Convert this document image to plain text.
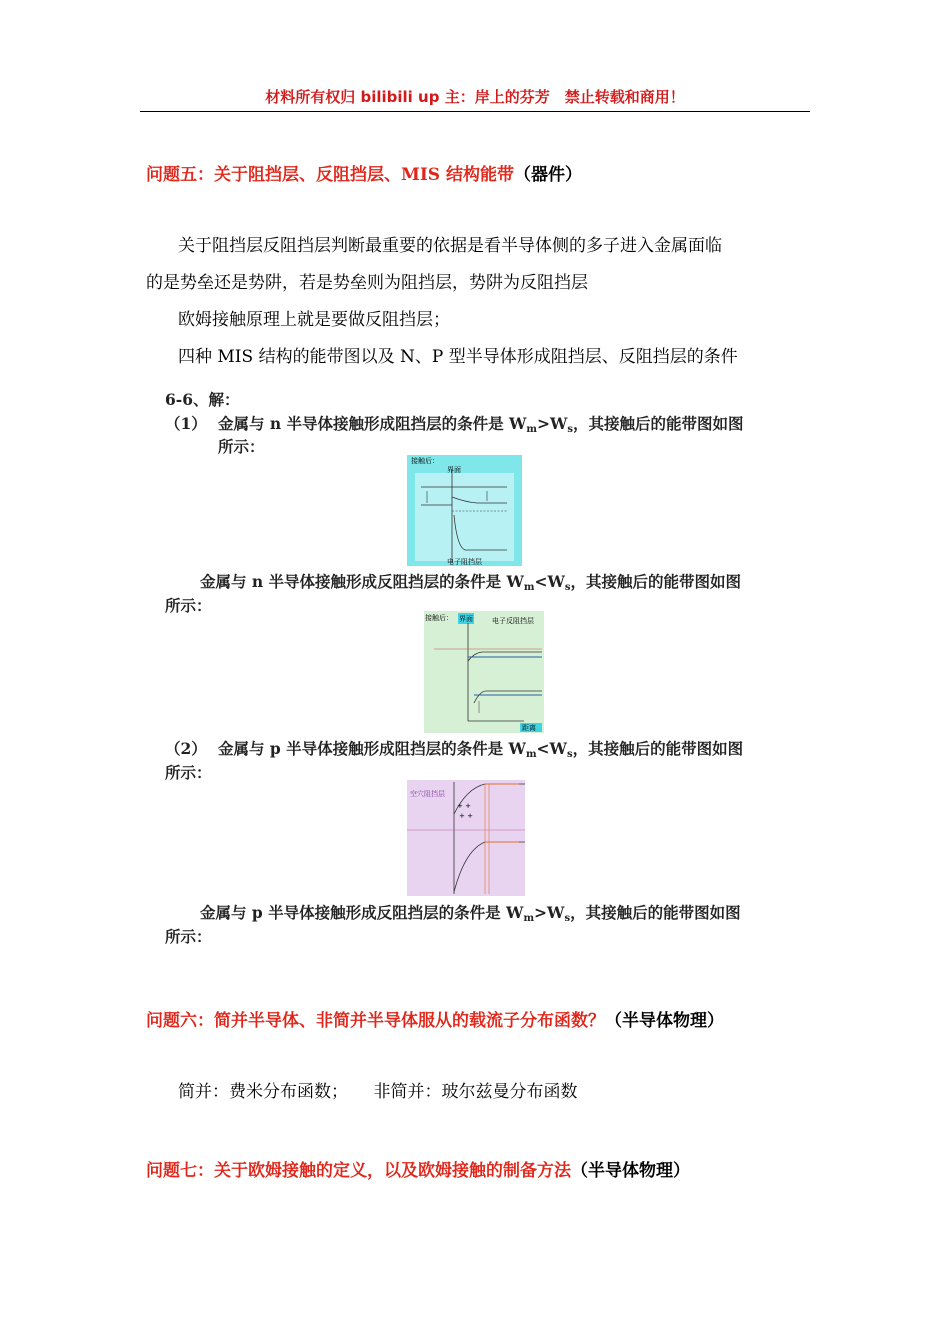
材料所有权归 bilibili up 主：岸上的芬芳　禁止转载和商用！
问题五：关于阻挡层、反阻挡层、MIS 结构能带（器件）
关于阻挡层反阻挡层判断最重要的依据是看半导体侧的多子进入金属面临
的是势垒还是势阱，若是势垒则为阻挡层，势阱为反阻挡层
欧姆接触原理上就是要做反阻挡层；
四种 MIS 结构的能带图以及 N、P 型半导体形成阻挡层、反阻挡层的条件
6-6、解：
（1） 金属与 n 半导体接触形成阻挡层的条件是 $W_m>W_s$，其接触后的能带图如图
所示：
接触后：
界面
电子阻挡层
金属与 n 半导体接触形成反阻挡层的条件是 $W_m<W_s$，其接触后的能带图如图
所示：
接触后： 界面	电子反阻挡层
距离
（2） 金属与 p 半导体接触形成阻挡层的条件是 $W_m<W_s$，其接触后的能带图如图
所示：
空穴阻挡层
+ +
+ +
金属与 p 半导体接触形成反阻挡层的条件是 $W_m>W_s$，其接触后的能带图如图
所示：
问题六：简并半导体、非简并半导体服从的载流子分布函数？（半导体物理）
简并：费米分布函数；　　非简并：玻尔兹曼分布函数
问题七：关于欧姆接触的定义，以及欧姆接触的制备方法（半导体物理）
